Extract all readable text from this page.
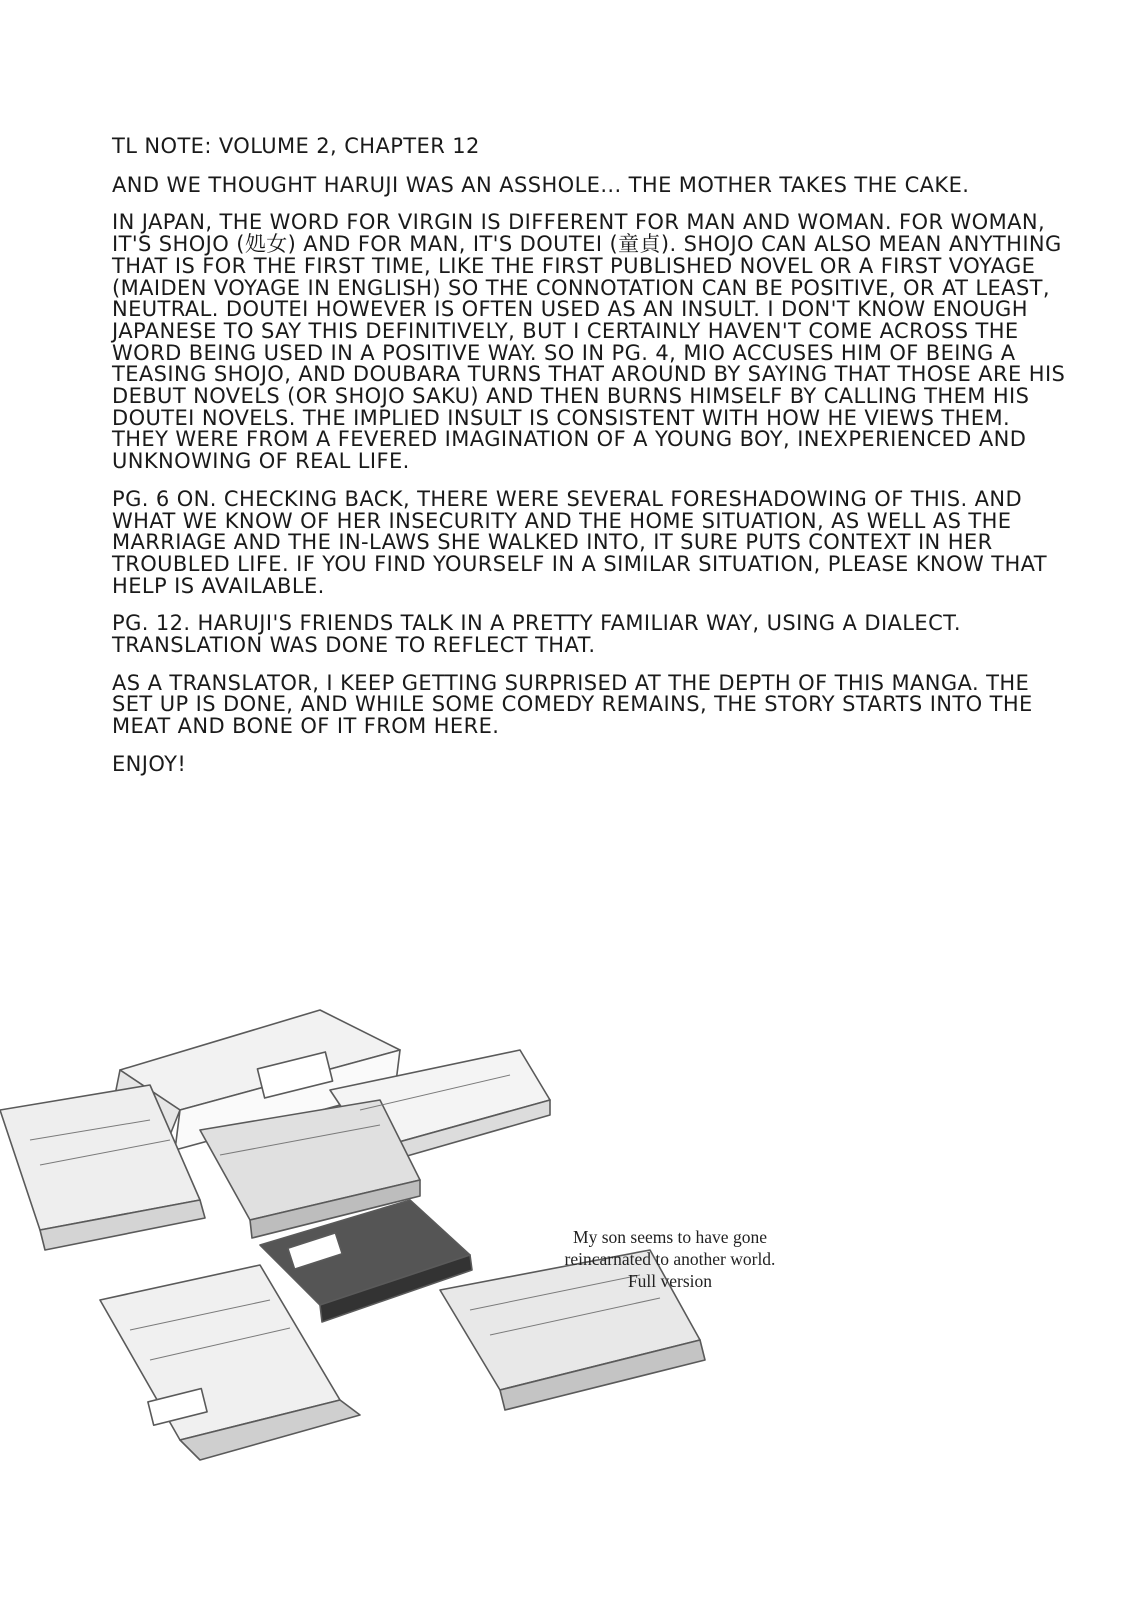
TL NOTE: VOLUME 2, CHAPTER 12

AND WE THOUGHT HARUJI WAS AN ASSHOLE... THE MOTHER TAKES THE CAKE.

IN JAPAN, THE WORD FOR VIRGIN IS DIFFERENT FOR MAN AND WOMAN. FOR WOMAN, IT'S SHOJO (処女) AND FOR MAN, IT'S DOUTEI (童貞). SHOJO CAN ALSO MEAN ANYTHING THAT IS FOR THE FIRST TIME, LIKE THE FIRST PUBLISHED NOVEL OR A FIRST VOYAGE (MAIDEN VOYAGE IN ENGLISH) SO THE CONNOTATION CAN BE POSITIVE, OR AT LEAST, NEUTRAL. DOUTEI HOWEVER IS OFTEN USED AS AN INSULT. I DON'T KNOW ENOUGH JAPANESE TO SAY THIS DEFINITIVELY, BUT I CERTAINLY HAVEN'T COME ACROSS THE WORD BEING USED IN A POSITIVE WAY. SO IN PG. 4, MIO ACCUSES HIM OF BEING A TEASING SHOJO, AND DOUBARA TURNS THAT AROUND BY SAYING THAT THOSE ARE HIS DEBUT NOVELS (OR SHOJO SAKU) AND THEN BURNS HIMSELF BY CALLING THEM HIS DOUTEI NOVELS. THE IMPLIED INSULT IS CONSISTENT WITH HOW HE VIEWS THEM. THEY WERE FROM A FEVERED IMAGINATION OF A YOUNG BOY, INEXPERIENCED AND UNKNOWING OF REAL LIFE.

PG. 6 ON. CHECKING BACK, THERE WERE SEVERAL FORESHADOWING OF THIS. AND WHAT WE KNOW OF HER INSECURITY AND THE HOME SITUATION, AS WELL AS THE MARRIAGE AND THE IN-LAWS SHE WALKED INTO, IT SURE PUTS CONTEXT IN HER TROUBLED LIFE. IF YOU FIND YOURSELF IN A SIMILAR SITUATION, PLEASE KNOW THAT HELP IS AVAILABLE.

PG. 12. HARUJI'S FRIENDS TALK IN A PRETTY FAMILIAR WAY, USING A DIALECT. TRANSLATION WAS DONE TO REFLECT THAT.

AS A TRANSLATOR, I KEEP GETTING SURPRISED AT THE DEPTH OF THIS MANGA. THE SET UP IS DONE, AND WHILE SOME COMEDY REMAINS, THE STORY STARTS INTO THE MEAT AND BONE OF IT FROM HERE.

ENJOY!

My son seems to have gone
reincarnated to another world.
Full version
